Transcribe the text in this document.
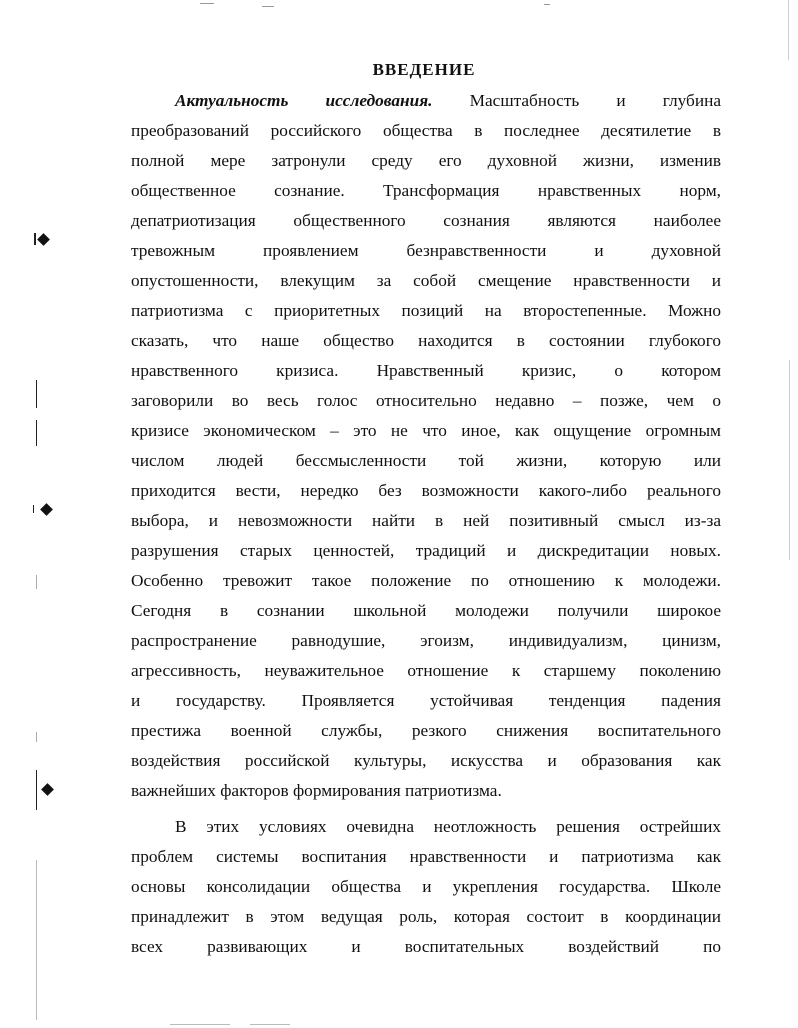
ВВЕДЕНИЕ
Актуальность исследования. Масштабность и глубина
преобразований российского общества в последнее десятилетие в
полной мере затронули среду его духовной жизни, изменив
общественное сознание. Трансформация нравственных норм,
депатриотизация общественного сознания являются наиболее
тревожным проявлением безнравственности и духовной
опустошенности, влекущим за собой смещение нравственности и
патриотизма с приоритетных позиций на второстепенные. Можно
сказать, что наше общество находится в состоянии глубокого
нравственного кризиса. Нравственный кризис, о котором
заговорили во весь голос относительно недавно – позже, чем о
кризисе экономическом – это не что иное, как ощущение огромным
числом людей бессмысленности той жизни, которую или
приходится вести, нередко без возможности какого-либо реального
выбора, и невозможности найти в ней позитивный смысл из-за
разрушения старых ценностей, традиций и дискредитации новых.
Особенно тревожит такое положение по отношению к молодежи.
Сегодня в сознании школьной молодежи получили широкое
распространение равнодушие, эгоизм, индивидуализм, цинизм,
агрессивность, неуважительное отношение к старшему поколению
и государству. Проявляется устойчивая тенденция падения
престижа военной службы, резкого снижения воспитательного
воздействия российской культуры, искусства и образования как
важнейших факторов формирования патриотизма.
В этих условиях очевидна неотложность решения острейших
проблем системы воспитания нравственности и патриотизма как
основы консолидации общества и укрепления государства. Школе
принадлежит в этом ведущая роль, которая состоит в координации
всех развивающих и воспитательных воздействий по
